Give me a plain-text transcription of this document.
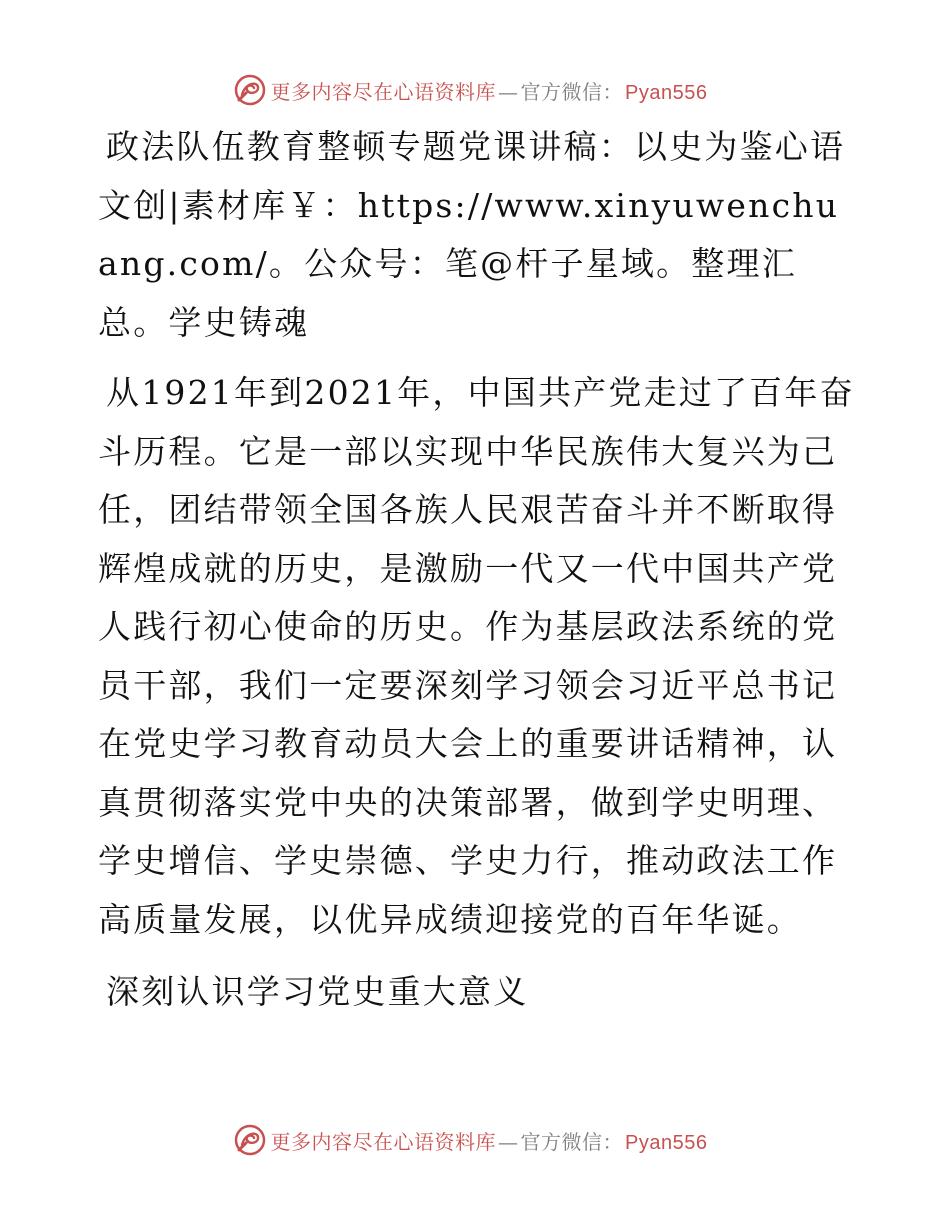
更多内容尽在心语资料库 — 官方微信： Pyan556

政法队伍教育整顿专题党课讲稿：以史为鉴心语文创|素材库￥：https://www.xinyuwenchuang.com/。公众号：笔@杆子星域。整理汇总。学史铸魂

从1921年到2021年，中国共产党走过了百年奋斗历程。它是一部以实现中华民族伟大复兴为己任，团结带领全国各族人民艰苦奋斗并不断取得辉煌成就的历史，是激励一代又一代中国共产党人践行初心使命的历史。作为基层政法系统的党员干部，我们一定要深刻学习领会习近平总书记在党史学习教育动员大会上的重要讲话精神，认真贯彻落实党中央的决策部署，做到学史明理、学史增信、学史崇德、学史力行，推动政法工作高质量发展，以优异成绩迎接党的百年华诞。

深刻认识学习党史重大意义

更多内容尽在心语资料库 — 官方微信： Pyan556
